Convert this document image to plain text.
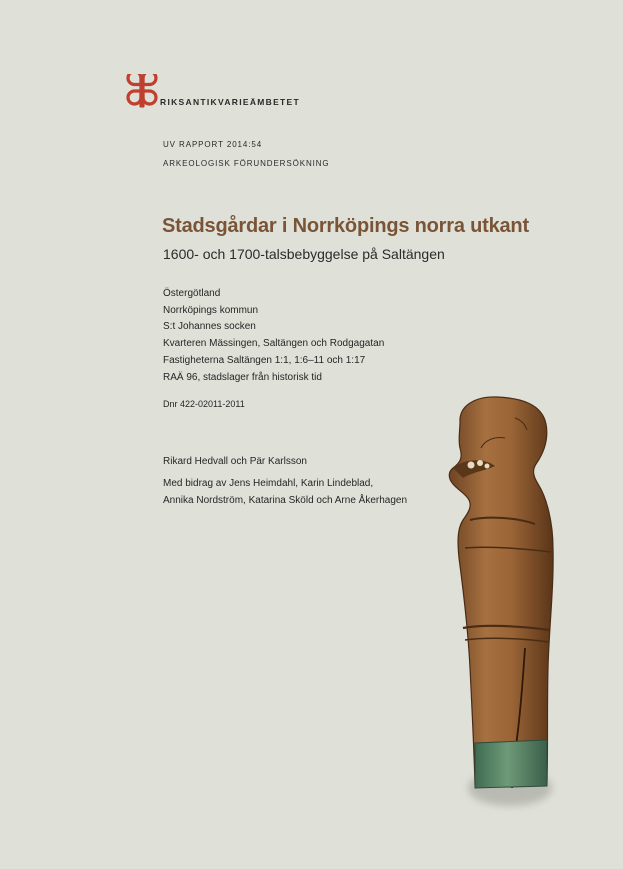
RIKSANTIKVARIEÄMBETET
UV RAPPORT 2014:54
ARKEOLOGISK FÖRUNDERSÖKNING
Stadsgårdar i Norrköpings norra utkant
1600- och 1700-talsbebyggelse på Saltängen
Östergötland
Norrköpings kommun
S:t Johannes socken
Kvarteren Mässingen, Saltängen och Rodgagatan
Fastigheterna Saltängen 1:1, 1:6–11 och 1:17
RAÄ 96, stadslager från historisk tid
Dnr 422-02011-2011
Rikard Hedvall och Pär Karlsson
Med bidrag av Jens Heimdahl, Karin Lindeblad,
Annika Nordström, Katarina Sköld och Arne Åkerhagen
